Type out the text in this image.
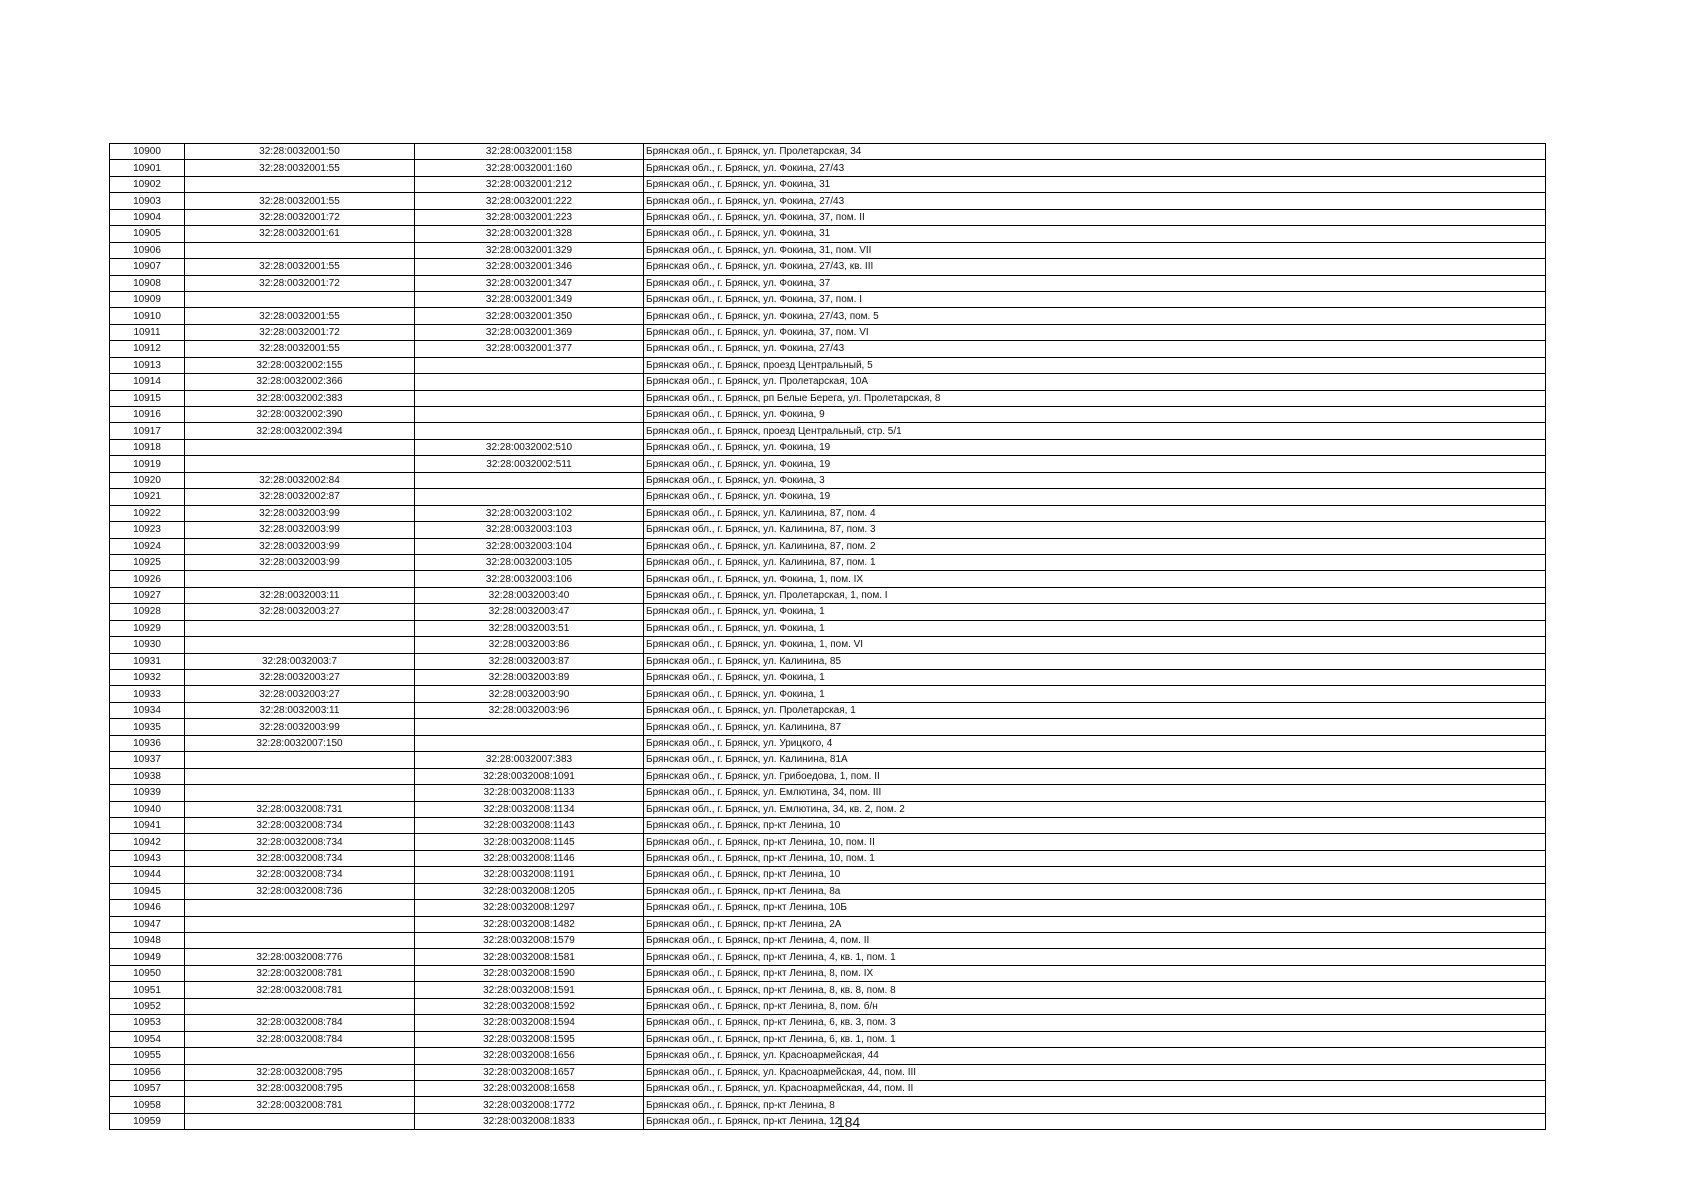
10900	32:28:0032001:50	32:28:0032001:158	Брянская обл., г. Брянск, ул. Пролетарская, 34
10901	32:28:0032001:55	32:28:0032001:160	Брянская обл., г. Брянск, ул. Фокина, 27/43
10902		32:28:0032001:212	Брянская обл., г. Брянск, ул. Фокина, 31
10903	32:28:0032001:55	32:28:0032001:222	Брянская обл., г. Брянск, ул. Фокина, 27/43
10904	32:28:0032001:72	32:28:0032001:223	Брянская обл., г. Брянск, ул. Фокина, 37, пом. II
10905	32:28:0032001:61	32:28:0032001:328	Брянская обл., г. Брянск, ул. Фокина, 31
10906		32:28:0032001:329	Брянская обл., г. Брянск, ул. Фокина, 31, пом. VII
10907	32:28:0032001:55	32:28:0032001:346	Брянская обл., г. Брянск, ул. Фокина, 27/43, кв. III
10908	32:28:0032001:72	32:28:0032001:347	Брянская обл., г. Брянск, ул. Фокина, 37
10909		32:28:0032001:349	Брянская обл., г. Брянск, ул. Фокина, 37, пом. I
10910	32:28:0032001:55	32:28:0032001:350	Брянская обл., г. Брянск, ул. Фокина, 27/43, пом. 5
10911	32:28:0032001:72	32:28:0032001:369	Брянская обл., г. Брянск, ул. Фокина, 37, пом. VI
10912	32:28:0032001:55	32:28:0032001:377	Брянская обл., г. Брянск, ул. Фокина, 27/43
10913	32:28:0032002:155		Брянская обл., г. Брянск, проезд Центральный, 5
10914	32:28:0032002:366		Брянская обл., г. Брянск, ул. Пролетарская, 10А
10915	32:28:0032002:383		Брянская обл., г. Брянск, рп Белые Берега, ул. Пролетарская, 8
10916	32:28:0032002:390		Брянская обл., г. Брянск, ул. Фокина, 9
10917	32:28:0032002:394		Брянская обл., г. Брянск, проезд Центральный, стр. 5/1
10918		32:28:0032002:510	Брянская обл., г. Брянск, ул. Фокина, 19
10919		32:28:0032002:511	Брянская обл., г. Брянск, ул. Фокина, 19
10920	32:28:0032002:84		Брянская обл., г. Брянск, ул. Фокина, 3
10921	32:28:0032002:87		Брянская обл., г. Брянск, ул. Фокина, 19
10922	32:28:0032003:99	32:28:0032003:102	Брянская обл., г. Брянск, ул. Калинина, 87, пом. 4
10923	32:28:0032003:99	32:28:0032003:103	Брянская обл., г. Брянск, ул. Калинина, 87, пом. 3
10924	32:28:0032003:99	32:28:0032003:104	Брянская обл., г. Брянск, ул. Калинина, 87, пом. 2
10925	32:28:0032003:99	32:28:0032003:105	Брянская обл., г. Брянск, ул. Калинина, 87, пом. 1
10926		32:28:0032003:106	Брянская обл., г. Брянск, ул. Фокина, 1, пом. IX
10927	32:28:0032003:11	32:28:0032003:40	Брянская обл., г. Брянск, ул. Пролетарская, 1, пом. I
10928	32:28:0032003:27	32:28:0032003:47	Брянская обл., г. Брянск, ул. Фокина, 1
10929		32:28:0032003:51	Брянская обл., г. Брянск, ул. Фокина, 1
10930		32:28:0032003:86	Брянская обл., г. Брянск, ул. Фокина, 1, пом. VI
10931	32:28:0032003:7	32:28:0032003:87	Брянская обл., г. Брянск, ул. Калинина, 85
10932	32:28:0032003:27	32:28:0032003:89	Брянская обл., г. Брянск, ул. Фокина, 1
10933	32:28:0032003:27	32:28:0032003:90	Брянская обл., г. Брянск, ул. Фокина, 1
10934	32:28:0032003:11	32:28:0032003:96	Брянская обл., г. Брянск, ул. Пролетарская, 1
10935	32:28:0032003:99		Брянская обл., г. Брянск, ул. Калинина, 87
10936	32:28:0032007:150		Брянская обл., г. Брянск, ул. Урицкого, 4
10937		32:28:0032007:383	Брянская обл., г. Брянск, ул. Калинина, 81А
10938		32:28:0032008:1091	Брянская обл., г. Брянск, ул. Грибоедова, 1, пом. II
10939		32:28:0032008:1133	Брянская обл., г. Брянск, ул. Емлютина, 34, пом. III
10940	32:28:0032008:731	32:28:0032008:1134	Брянская обл., г. Брянск, ул. Емлютина, 34, кв. 2, пом. 2
10941	32:28:0032008:734	32:28:0032008:1143	Брянская обл., г. Брянск, пр-кт Ленина, 10
10942	32:28:0032008:734	32:28:0032008:1145	Брянская обл., г. Брянск, пр-кт Ленина, 10, пом. II
10943	32:28:0032008:734	32:28:0032008:1146	Брянская обл., г. Брянск, пр-кт Ленина, 10, пом. 1
10944	32:28:0032008:734	32:28:0032008:1191	Брянская обл., г. Брянск, пр-кт Ленина, 10
10945	32:28:0032008:736	32:28:0032008:1205	Брянская обл., г. Брянск, пр-кт Ленина, 8а
10946		32:28:0032008:1297	Брянская обл., г. Брянск, пр-кт Ленина, 10Б
10947		32:28:0032008:1482	Брянская обл., г. Брянск, пр-кт Ленина, 2А
10948		32:28:0032008:1579	Брянская обл., г. Брянск, пр-кт Ленина, 4, пом. II
10949	32:28:0032008:776	32:28:0032008:1581	Брянская обл., г. Брянск, пр-кт Ленина, 4, кв. 1, пом. 1
10950	32:28:0032008:781	32:28:0032008:1590	Брянская обл., г. Брянск, пр-кт Ленина, 8, пом. IX
10951	32:28:0032008:781	32:28:0032008:1591	Брянская обл., г. Брянск, пр-кт Ленина, 8, кв. 8, пом. 8
10952		32:28:0032008:1592	Брянская обл., г. Брянск, пр-кт Ленина, 8, пом. б/н
10953	32:28:0032008:784	32:28:0032008:1594	Брянская обл., г. Брянск, пр-кт Ленина, 6, кв. 3, пом. 3
10954	32:28:0032008:784	32:28:0032008:1595	Брянская обл., г. Брянск, пр-кт Ленина, 6, кв. 1, пом. 1
10955		32:28:0032008:1656	Брянская обл., г. Брянск, ул. Красноармейская, 44
10956	32:28:0032008:795	32:28:0032008:1657	Брянская обл., г. Брянск, ул. Красноармейская, 44, пом. III
10957	32:28:0032008:795	32:28:0032008:1658	Брянская обл., г. Брянск, ул. Красноармейская, 44, пом. II
10958	32:28:0032008:781	32:28:0032008:1772	Брянская обл., г. Брянск, пр-кт Ленина, 8
10959		32:28:0032008:1833	Брянская обл., г. Брянск, пр-кт Ленина, 12
184
